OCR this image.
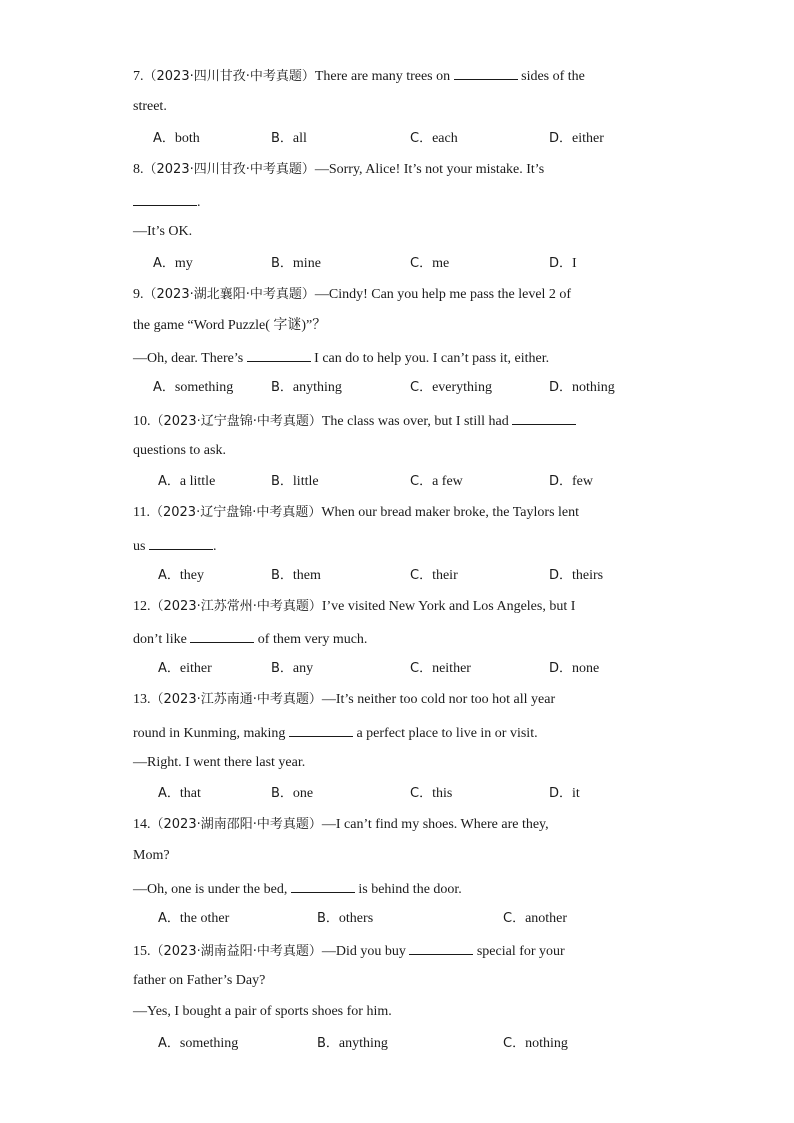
7.（2023·四川甘孜·中考真题）There are many trees on	sides of the
street.
A．both	B．all	C．each	D．either
8.（2023·四川甘孜·中考真题）—Sorry, Alice! It’s not your mistake. It’s
.
—It’s OK.
A．my	B．mine	C．me	D．I
9.（2023·湖北襄阳·中考真题）—Cindy! Can you help me pass the level 2 of
the game “Word Puzzle( 字谜)”？
—Oh, dear. There’s	I can do to help you. I can’t pass it, either.
A．something	B．anything	C．everything	D．nothing
10.（2023·辽宁盘锦·中考真题）The class was over, but I still had
questions to ask.
A．a little	B．little	C．a few	D．few
11.（2023·辽宁盘锦·中考真题）When our bread maker broke, the Taylors lent
us	.
A．they	B．them	C．their	D．theirs
12.（2023·江苏常州·中考真题）I’ve visited New York and Los Angeles, but I
don’t like	of them very much.
A．either	B．any	C．neither	D．none
13.（2023·江苏南通·中考真题）—It’s neither too cold nor too hot all year
round in Kunming, making	a perfect place to live in or visit.
—Right. I went there last year.
A．that	B．one	C．this	D．it
14.（2023·湖南邵阳·中考真题）—I can’t find my shoes. Where are they,
Mom?
—Oh, one is under the bed,	is behind the door.
A．the other	B．others	C．another
15.（2023·湖南益阳·中考真题）—Did you buy	special for your
father on Father’s Day?
—Yes, I bought a pair of sports shoes for him.
A．something	B．anything	C．nothing
